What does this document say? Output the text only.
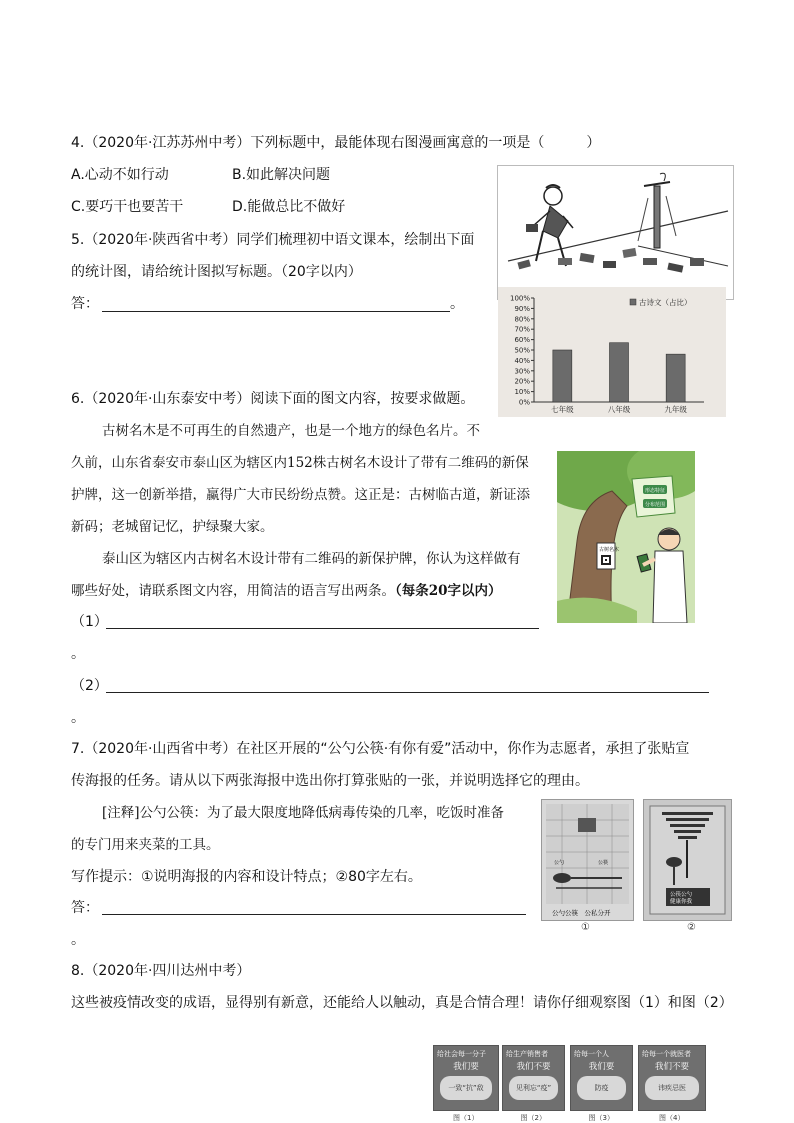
4.（2020年·江苏苏州中考）下列标题中，最能体现右图漫画寓意的一项是（　　　）
A.心动不如行动	B.如此解决问题
C.要巧干也要苦干	D.能做总比不做好
5.（2020年·陕西省中考）同学们梳理初中语文课本，绘制出下面
的统计图，请给统计图拟写标题。（20字以内）
答：	。	100%
90%
80%
70%
60%
50%
40%
30%
20%
10%
0%
七年级	八年级	九年级
古诗文（占比）
6.（2020年·山东泰安中考）阅读下面的图文内容，按要求做题。
古树名木是不可再生的自然遗产，也是一个地方的绿色名片。不
久前，山东省泰安市泰山区为辖区内152株古树名木设计了带有二维码的新保
护牌，这一创新举措，赢得广大市民纷纷点赞。这正是：古树临古道，新证添
新码；老城留记忆，护绿聚大家。
泰山区为辖区内古树名木设计带有二维码的新保护牌，你认为这样做有
哪些好处，请联系图文内容，用简洁的语言写出两条。（每条20字以内）
（1）
。
（2）
。
古树名木
形态特征
分布范围
7.（2020年·山西省中考）在社区开展的“公勺公筷·有你有爱”活动中，你作为志愿者，承担了张贴宣
传海报的任务。请从以下两张海报中选出你打算张贴的一张，并说明选择它的理由。
[注释]公勺公筷：为了最大限度地降低病毒传染的几率，吃饭时准备
的专门用来夹菜的工具。
写作提示：①说明海报的内容和设计特点；②80字左右。
答：
。
公勺	公筷
公勺公筷　公私分开
①
公筷公勺健康你我
②
8.（2020年·四川达州中考）
这些被疫情改变的成语，显得别有新意，还能给人以触动，真是合情合理！请你仔细观察图（1）和图（2）
给社会每一分子
我们要
一致“抗”敌
图（1）
给生产销售者
我们不要
见利忘“疫”
图（2）
给每一个人
我们要
防疫
图（3）
给每一个就医者
我们不要
讳疾忌医
图（4）
